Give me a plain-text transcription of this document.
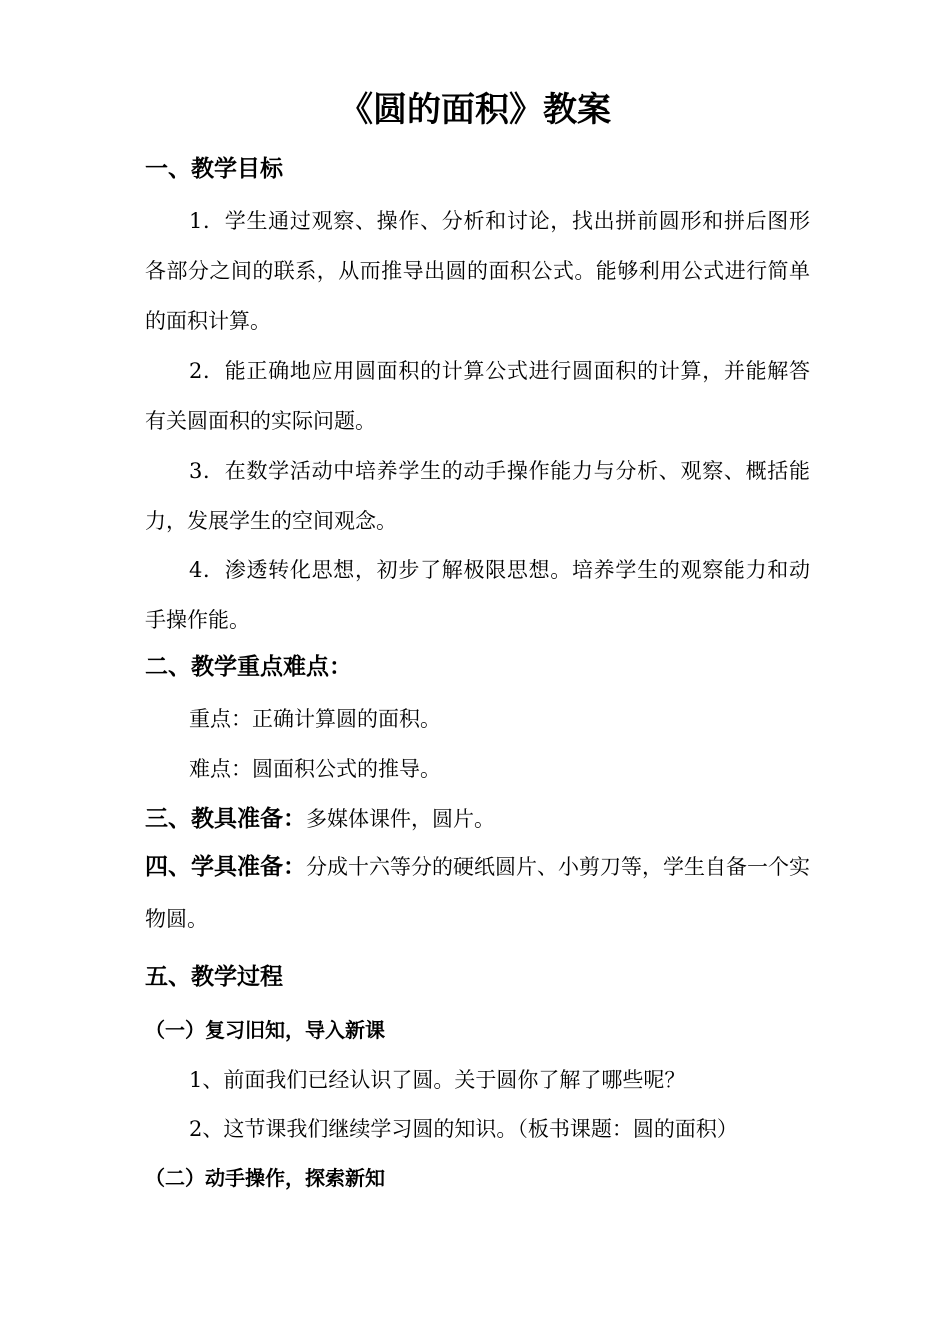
《圆的面积》教案
一、教学目标

1．学生通过观察、操作、分析和讨论，找出拼前圆形和拼后图形各部分之间的联系，从而推导出圆的面积公式。能够利用公式进行简单的面积计算。

2．能正确地应用圆面积的计算公式进行圆面积的计算，并能解答有关圆面积的实际问题。

3．在数学活动中培养学生的动手操作能力与分析、观察、概括能力，发展学生的空间观念。

4．渗透转化思想，初步了解极限思想。培养学生的观察能力和动手操作能。

二、教学重点难点：
重点：正确计算圆的面积。
难点：圆面积公式的推导。

三、教具准备：多媒体课件，圆片。

四、学具准备：分成十六等分的硬纸圆片、小剪刀等，学生自备一个实物圆。

五、教学过程
（一）复习旧知，导入新课
1、前面我们已经认识了圆。关于圆你了解了哪些呢？
2、这节课我们继续学习圆的知识。（板书课题：圆的面积）
（二）动手操作，探索新知
